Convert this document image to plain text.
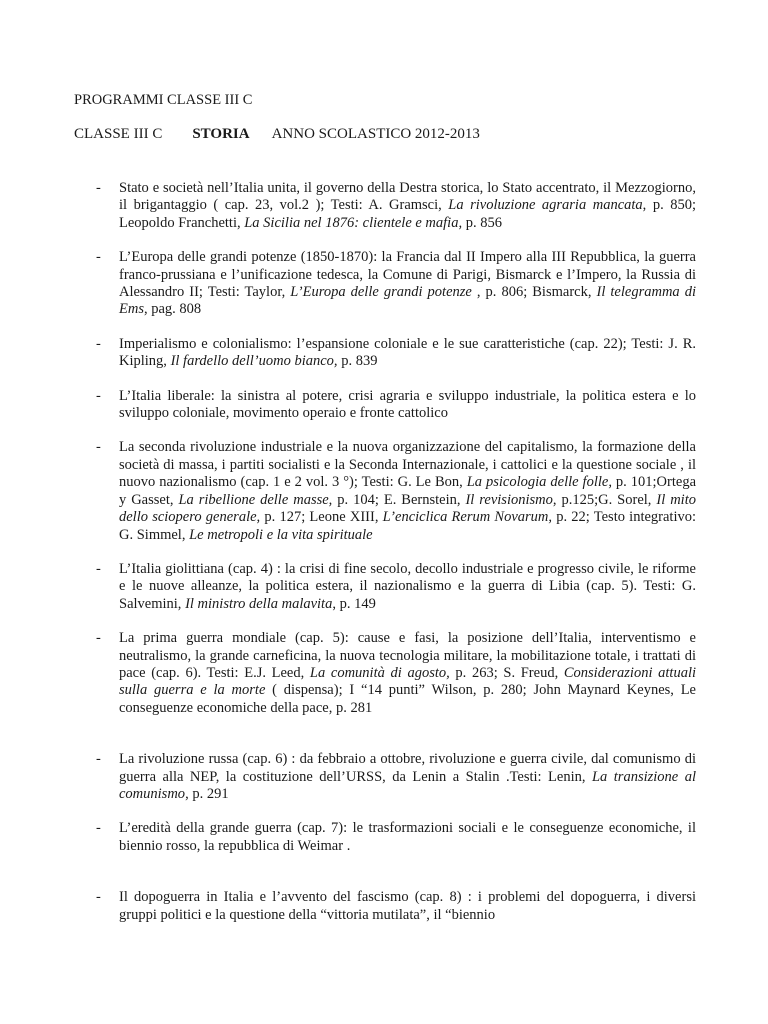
PROGRAMMI CLASSE III C
CLASSE III C STORIA ANNO SCOLASTICO 2012-2013
- Stato e società nell’Italia unita, il governo della Destra storica, lo Stato accentrato, il Mezzogiorno, il brigantaggio ( cap. 23, vol.2 ); Testi: A. Gramsci, La rivoluzione agraria mancata, p. 850; Leopoldo Franchetti, La Sicilia nel 1876: clientele e mafia, p. 856
- L’Europa delle grandi potenze (1850-1870): la Francia dal II Impero alla III Repubblica, la guerra franco-prussiana e l’unificazione tedesca, la Comune di Parigi, Bismarck e l’Impero, la Russia di Alessandro II; Testi: Taylor, L’Europa delle grandi potenze , p. 806; Bismarck, Il telegramma di Ems, pag. 808
- Imperialismo e colonialismo: l’espansione coloniale e le sue caratteristiche (cap. 22); Testi: J. R. Kipling, Il fardello dell’uomo bianco, p. 839
- L’Italia liberale: la sinistra al potere, crisi agraria e sviluppo industriale, la politica estera e lo sviluppo coloniale, movimento operaio e fronte cattolico
- La seconda rivoluzione industriale e la nuova organizzazione del capitalismo, la formazione della società di massa, i partiti socialisti e la Seconda Internazionale, i cattolici e la questione sociale , il nuovo nazionalismo (cap. 1 e 2 vol. 3 °); Testi: G. Le Bon, La psicologia delle folle, p. 101;Ortega y Gasset, La ribellione delle masse, p. 104; E. Bernstein, Il revisionismo, p.125;G. Sorel, Il mito dello sciopero generale, p. 127; Leone XIII, L’enciclica Rerum Novarum, p. 22; Testo integrativo: G. Simmel, Le metropoli e la vita spirituale
- L’Italia giolittiana (cap. 4) : la crisi di fine secolo, decollo industriale e progresso civile, le riforme e le nuove alleanze, la politica estera, il nazionalismo e la guerra di Libia (cap. 5). Testi: G. Salvemini, Il ministro della malavita, p. 149
- La prima guerra mondiale (cap. 5): cause e fasi, la posizione dell’Italia, interventismo e neutralismo, la grande carneficina, la nuova tecnologia militare, la mobilitazione totale, i trattati di pace (cap. 6). Testi: E.J. Leed, La comunità di agosto, p. 263; S. Freud, Considerazioni attuali sulla guerra e la morte ( dispensa); I “14 punti” Wilson, p. 280; John Maynard Keynes, Le conseguenze economiche della pace, p. 281
- La rivoluzione russa (cap. 6) : da febbraio a ottobre, rivoluzione e guerra civile, dal comunismo di guerra alla NEP, la costituzione dell’URSS, da Lenin a Stalin .Testi: Lenin, La transizione al comunismo, p. 291
- L’eredità della grande guerra (cap. 7): le trasformazioni sociali e le conseguenze economiche, il biennio rosso, la repubblica di Weimar .
- Il dopoguerra in Italia e l’avvento del fascismo (cap. 8) : i problemi del dopoguerra, i diversi gruppi politici e la questione della “vittoria mutilata”, il “biennio
